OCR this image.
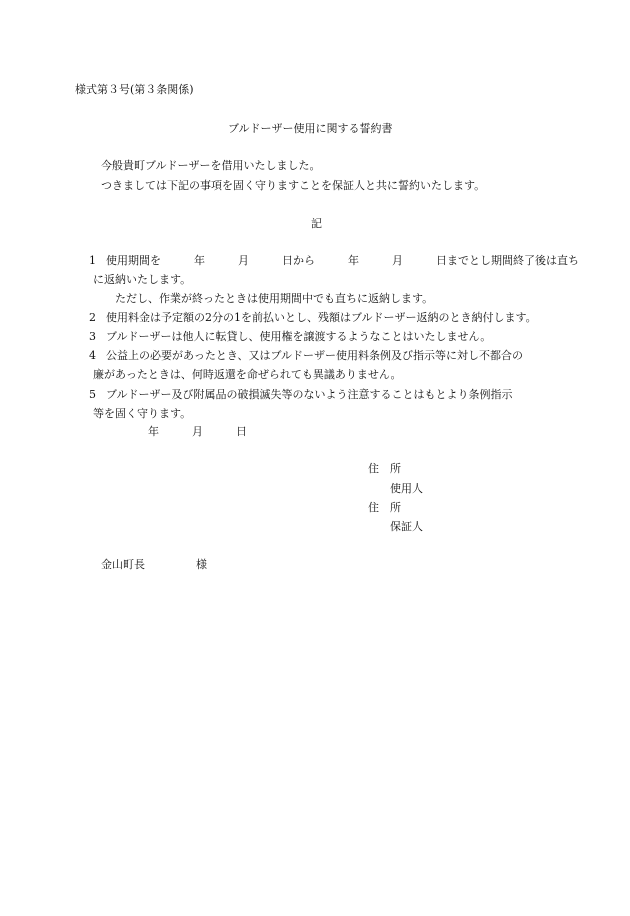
様式第３号(第３条関係)
ブルドーザー使用に関する誓約書
今般貴町ブルドーザーを借用いたしました。
つきましては下記の事項を固く守りますことを保証人と共に誓約いたします。
記
1 使用期間を　　　年　　　月　　　日から　　　年　　　月　　　日までとし期間終了後は直ち
に返納いたします。
ただし、作業が終ったときは使用期間中でも直ちに返納します。
2 使用料金は予定額の2分の1を前払いとし、残額はブルドーザー返納のとき納付します。
3 ブルドーザーは他人に転貸し、使用権を譲渡するようなことはいたしません。
4 公益上の必要があったとき、又はブルドーザー使用料条例及び指示等に対し不都合の
廉があったときは、何時返還を命ぜられても異議ありません。
5 ブルドーザー及び附属品の破損滅失等のないよう注意することはもとより条例指示
等を固く守ります。
年　　　月　　　日
住　所
使用人
住　所
保証人
金山町長	様
